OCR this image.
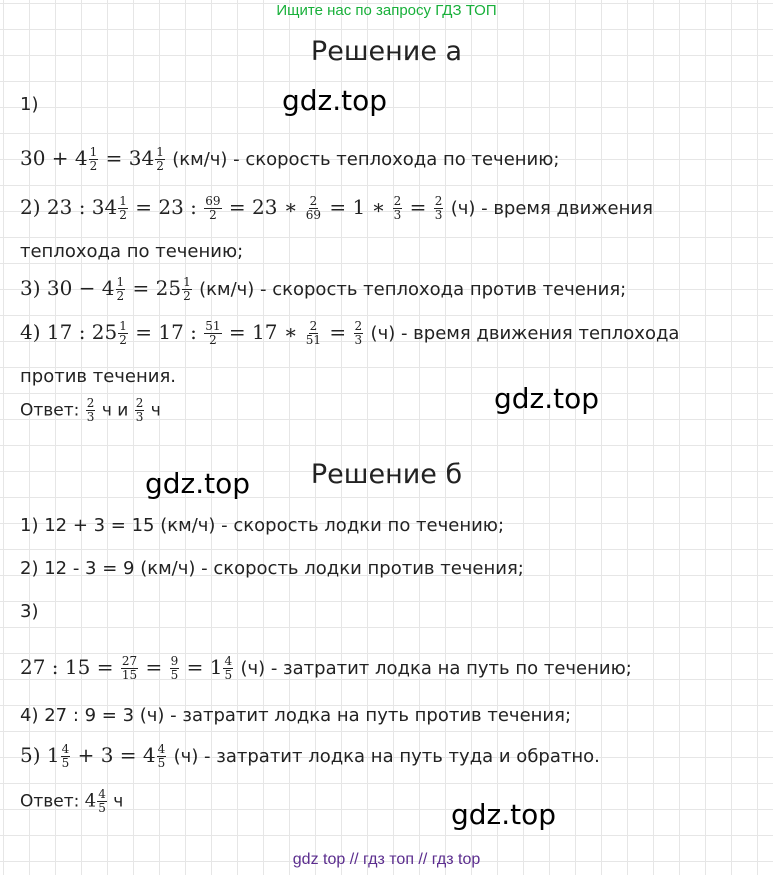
Ищите нас по запросу ГДЗ ТОП
Решение а
gdz.top
1)
$30 + 4 \frac{1}{2} = 34 \frac{1}{2} (км/ч)$ - скорость теплохода по течению;
2) 23 : $34 \frac{1}{2} = 23$ : $\frac{69}{2} = 23$ ∗ $\frac{2}{69} = 1$ ∗ $\frac{2}{3} = \frac{2}{3} (ч)$ - время движения
теплохода по течению;
3) $30 - 4 \frac{1}{2} = 25 \frac{1}{2} (км/ч)$ - скорость теплохода против течения;
4) 17 : $25 \frac{1}{2} = 17$ : $\frac{51}{2} = 17$ ∗ $\frac{2}{51} = \frac{2}{3} (ч)$ - время движения теплохода
против течения.
gdz.top
Ответ: $\frac{2}{3}$ ч и $\frac{2}{3}$ ч
Решение б
gdz.top
1) 12 + 3 = 15 (км/ч) - скорость лодки по течению;
2) 12 - 3 = 9 (км/ч) - скорость лодки против течения;
3)
27 : $15 = \frac{27}{15} = \frac{9}{5} = 1 \frac{4}{5} (ч)$ - затратит лодка на путь по течению;
4) 27 : 9 = 3 (ч) - затратит лодка на путь против течения;
5) $1 \frac{4}{5} + 3 = 4 \frac{4}{5} (ч)$ - затратит лодка на путь туда и обратно.
Ответ: $4 \frac{4}{5}$ ч	gdz.top
gdz top // гдз топ // гдз top
